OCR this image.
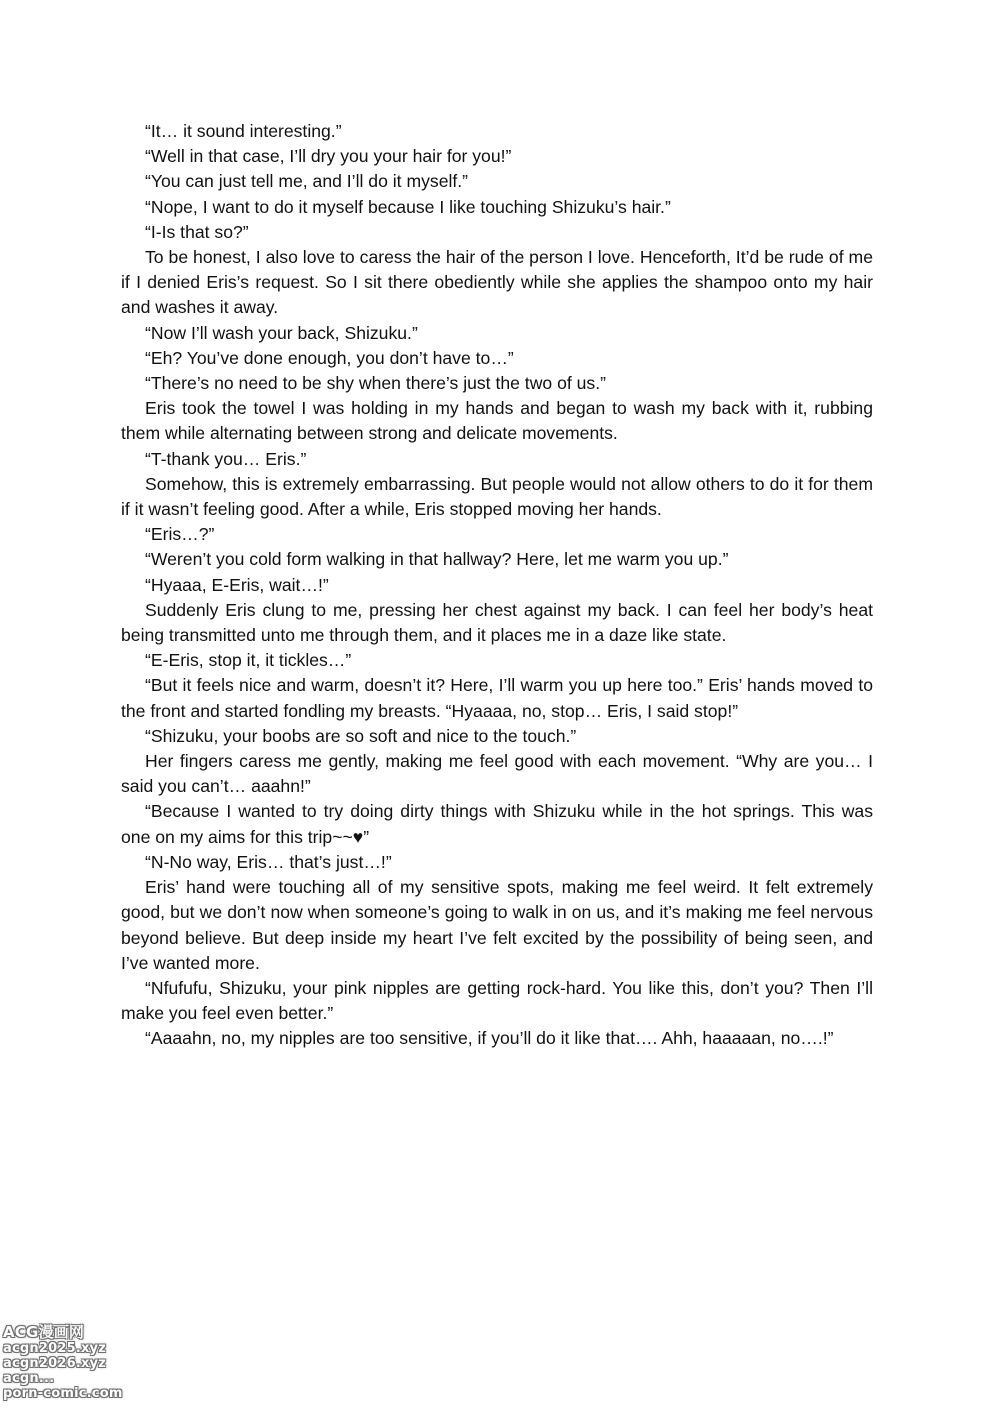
“It… it sound interesting.”

“Well in that case, I’ll dry you your hair for you!”

“You can just tell me, and I’ll do it myself.”

“Nope, I want to do it myself because I like touching Shizuku’s hair.”

“I-Is that so?”

To be honest, I also love to caress the hair of the person I love. Henceforth, It’d be rude of me if I denied Eris’s request. So I sit there obediently while she applies the shampoo onto my hair and washes it away.

“Now I’ll wash your back, Shizuku.”

“Eh? You’ve done enough, you don’t have to…”

“There’s no need to be shy when there’s just the two of us.”

Eris took the towel I was holding in my hands and began to wash my back with it, rubbing them while alternating between strong and delicate movements.

“T-thank you… Eris.”

Somehow, this is extremely embarrassing. But people would not allow others to do it for them if it wasn’t feeling good. After a while, Eris stopped moving her hands.

“Eris…?”

“Weren’t you cold form walking in that hallway? Here, let me warm you up.”

“Hyaaa, E-Eris, wait…!”

Suddenly Eris clung to me, pressing her chest against my back. I can feel her body’s heat being transmitted unto me through them, and it places me in a daze like state.

“E-Eris, stop it, it tickles…”

“But it feels nice and warm, doesn’t it? Here, I’ll warm you up here too.” Eris’ hands moved to the front and started fondling my breasts. “Hyaaaa, no, stop… Eris, I said stop!”

“Shizuku, your boobs are so soft and nice to the touch.”

Her fingers caress me gently, making me feel good with each movement. “Why are you… I said you can’t… aaahn!”

“Because I wanted to try doing dirty things with Shizuku while in the hot springs. This was one on my aims for this trip~~♥”

“N-No way, Eris… that’s just…!”

Eris’ hand were touching all of my sensitive spots, making me feel weird. It felt extremely good, but we don’t now when someone’s going to walk in on us, and it’s making me feel nervous beyond believe. But deep inside my heart I’ve felt excited by the possibility of being seen, and I’ve wanted more.

“Nfufufu, Shizuku, your pink nipples are getting rock-hard. You like this, don’t you? Then I’ll make you feel even better.”

“Aaaahn, no, my nipples are too sensitive, if you’ll do it like that…. Ahh, haaaaan, no….!”

ACG漫画网
acgn2025.xyz
acgn2026.xyz
acgn...
porn-comic.com
